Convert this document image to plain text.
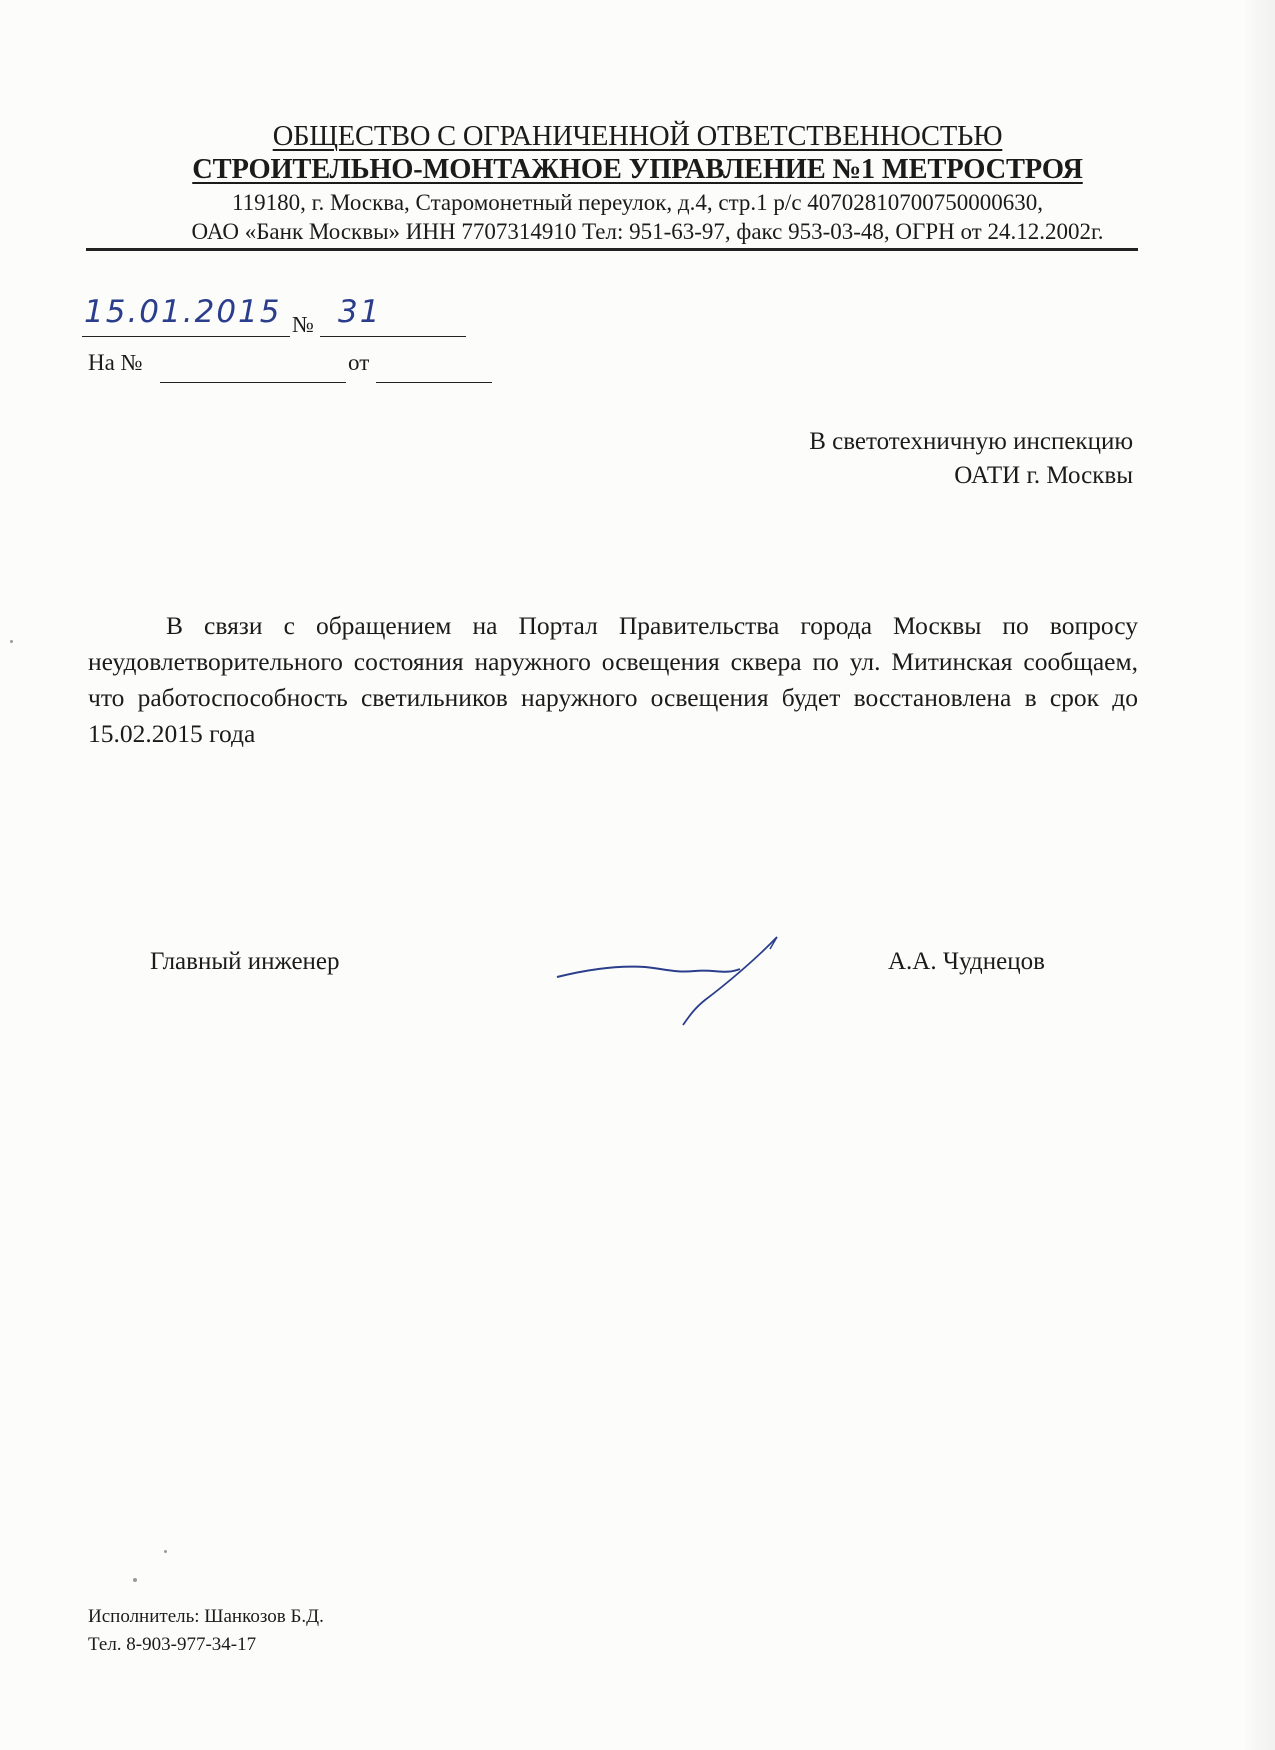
ОБЩЕСТВО С ОГРАНИЧЕННОЙ ОТВЕТСТВЕННОСТЬЮ
СТРОИТЕЛЬНО-МОНТАЖНОЕ УПРАВЛЕНИЕ №1 МЕТРОСТРОЯ
119180, г. Москва, Старомонетный переулок, д.4, стр.1 р/с 40702810700750000630,
ОАО «Банк Москвы» ИНН 7707314910 Тел: 951-63-97, факс 953-03-48, ОГРН от 24.12.2002г.
15.01.2015 № 31
На №	от
В светотехничную инспекцию
ОАТИ г. Москвы
В связи с обращением на Портал Правительства города Москвы по вопросу неудовлетворительного состояния наружного освещения сквера по ул. Митинская сообщаем, что работоспособность светильников наружного освещения будет восстановлена в срок до 15.02.2015 года
Главный инженер	А.А. Чуднецов
Исполнитель: Шанкозов Б.Д.
Тел. 8-903-977-34-17
